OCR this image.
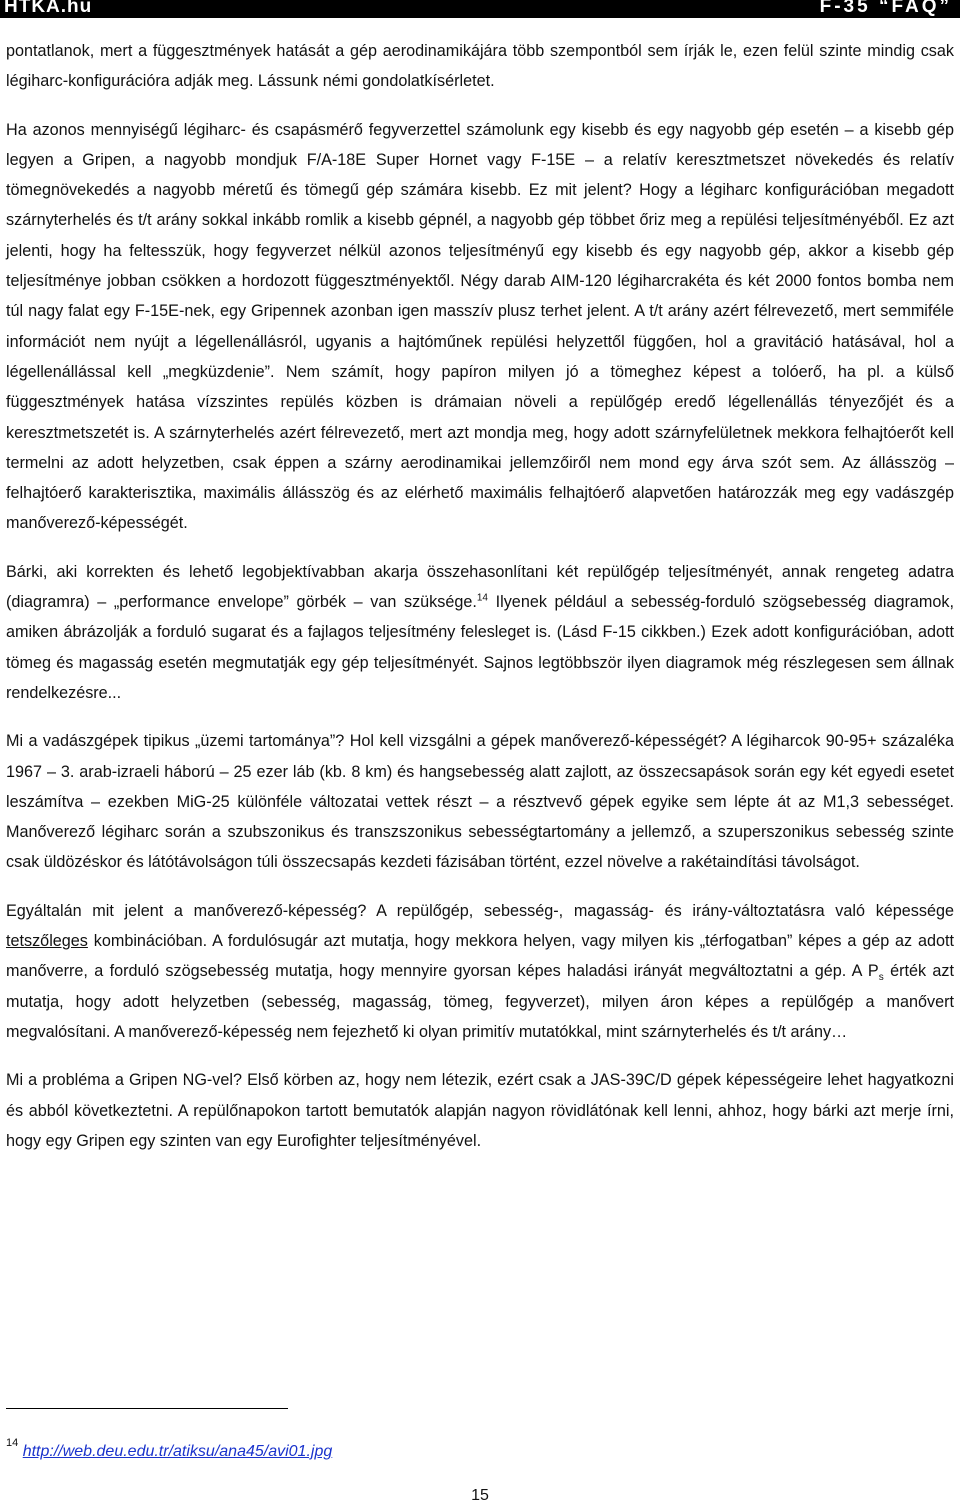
HTKA.hu	F-35 “FAQ”

pontatlanok, mert a függesztmények hatását a gép aerodinamikájára több szempontból sem írják le, ezen felül szinte mindig csak légiharc-konfigurációra adják meg. Lássunk némi gondolatkísérletet.

Ha azonos mennyiségű légiharc- és csapásmérő fegyverzettel számolunk egy kisebb és egy nagyobb gép esetén – a kisebb gép legyen a Gripen, a nagyobb mondjuk F/A-18E Super Hornet vagy F-15E – a relatív keresztmetszet növekedés és relatív tömegnövekedés a nagyobb méretű és tömegű gép számára kisebb. Ez mit jelent? Hogy a légiharc konfigurációban megadott szárnyterhelés és t/t arány sokkal inkább romlik a kisebb gépnél, a nagyobb gép többet őriz meg a repülési teljesítményéből. Ez azt jelenti, hogy ha feltesszük, hogy fegyverzet nélkül azonos teljesítményű egy kisebb és egy nagyobb gép, akkor a kisebb gép teljesítménye jobban csökken a hordozott függesztményektől. Négy darab AIM-120 légiharcrakéta és két 2000 fontos bomba nem túl nagy falat egy F-15E-nek, egy Gripennek azonban igen masszív plusz terhet jelent. A t/t arány azért félrevezető, mert semmiféle információt nem nyújt a légellenállásról, ugyanis a hajtóműnek repülési helyzettől függően, hol a gravitáció hatásával, hol a légellenállással kell „megküzdenie”. Nem számít, hogy papíron milyen jó a tömeghez képest a tolóerő, ha pl. a külső függesztmények hatása vízszintes repülés közben is drámaian növeli a repülőgép eredő légellenállás tényezőjét és a keresztmetszetét is. A szárnyterhelés azért félrevezető, mert azt mondja meg, hogy adott szárnyfelületnek mekkora felhajtóerőt kell termelni az adott helyzetben, csak éppen a szárny aerodinamikai jellemzőiről nem mond egy árva szót sem. Az állásszög – felhajtóerő karakterisztika, maximális állásszög és az elérhető maximális felhajtóerő alapvetően határozzák meg egy vadászgép manőverező-képességét.

Bárki, aki korrekten és lehető legobjektívabban akarja összehasonlítani két repülőgép teljesítményét, annak rengeteg adatra (diagramra) – „performance envelope” görbék – van szüksége.$^{14}$ Ilyenek például a sebesség-forduló szögsebesség diagramok, amiken ábrázolják a forduló sugarat és a fajlagos teljesítmény felesleget is. (Lásd F-15 cikkben.) Ezek adott konfigurációban, adott tömeg és magasság esetén megmutatják egy gép teljesítményét. Sajnos legtöbbször ilyen diagramok még részlegesen sem állnak rendelkezésre...

Mi a vadászgépek tipikus „üzemi tartománya”? Hol kell vizsgálni a gépek manőverező-képességét? A légiharcok 90-95+ százaléka 1967 – 3. arab-izraeli háború – 25 ezer láb (kb. 8 km) és hangsebesség alatt zajlott, az összecsapások során egy két egyedi esetet leszámítva – ezekben MiG-25 különféle változatai vettek részt – a résztvevő gépek egyike sem lépte át az M1,3 sebességet. Manőverező légiharc során a szubszonikus és transzszonikus sebességtartomány a jellemző, a szuperszonikus sebesség szinte csak üldözéskor és látótávolságon túli összecsapás kezdeti fázisában történt, ezzel növelve a rakétaindítási távolságot.

Egyáltalán mit jelent a manőverező-képesség? A repülőgép, sebesség-, magasság- és irány-változtatásra való képessége tetszőleges kombinációban. A fordulósugár azt mutatja, hogy mekkora helyen, vagy milyen kis „térfogatban” képes a gép az adott manőverre, a forduló szögsebesség mutatja, hogy mennyire gyorsan képes haladási irányát megváltoztatni a gép. A $P_s$ érték azt mutatja, hogy adott helyzetben (sebesség, magasság, tömeg, fegyverzet), milyen áron képes a repülőgép a manővert megvalósítani. A manőverező-képesség nem fejezhető ki olyan primitív mutatókkal, mint szárnyterhelés és t/t arány…

Mi a probléma a Gripen NG-vel? Első körben az, hogy nem létezik, ezért csak a JAS-39C/D gépek képességeire lehet hagyatkozni és abból következtetni. A repülőnapokon tartott bemutatók alapján nagyon rövidlátónak kell lenni, ahhoz, hogy bárki azt merje írni, hogy egy Gripen egy szinten van egy Eurofighter teljesítményével.

$^{14}$ http://web.deu.edu.tr/atiksu/ana45/avi01.jpg
15
